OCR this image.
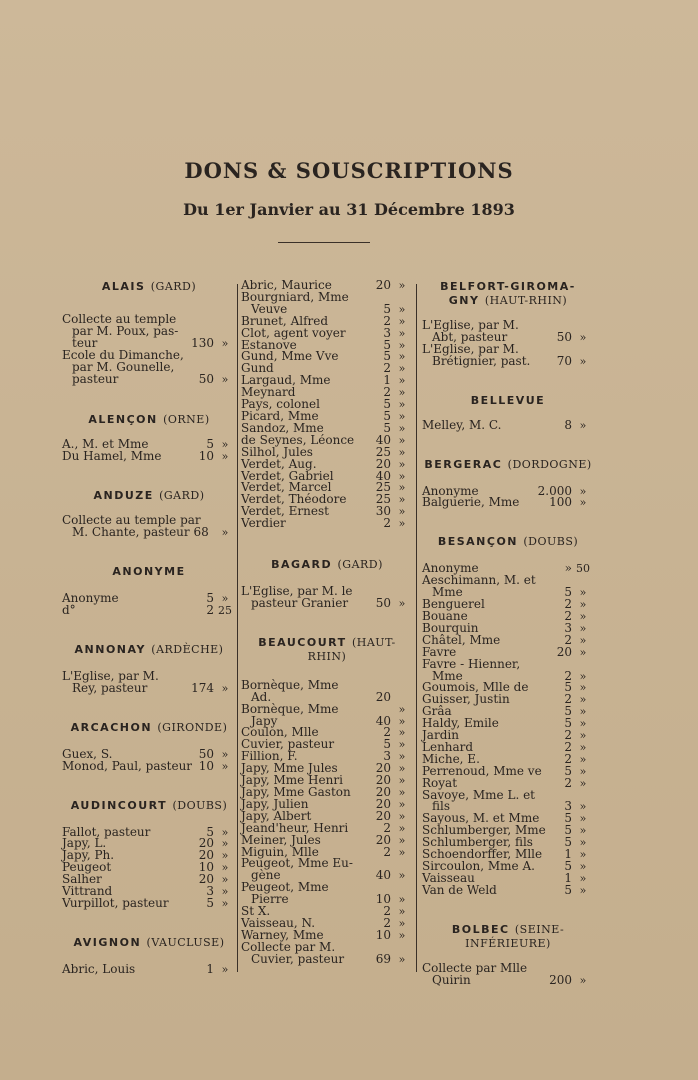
DONS & SOUSCRIPTIONS
Du 1er Janvier au 31 Décembre 1893
ALAIS (GARD)
Collecte au temple
par M. Poux, pas-
teur	130 »
Ecole du Dimanche,
par M. Gounelle,
pasteur	50 »
ALENÇON (ORNE)
A., M. et Mme	5 »
Du Hamel, Mme	10 »
ANDUZE (GARD)
Collecte au temple par
M. Chante, pasteur 68	»
ANONYME
Anonyme	5 »
d°	2 25
ANNONAY (ARDÈCHE)
L'Eglise, par M.
Rey, pasteur	174 »
ARCACHON (GIRONDE)
Guex, S.	50 »
Monod, Paul, pasteur 10 »
AUDINCOURT (DOUBS)
Fallot, pasteur	5 »
Japy, L.	20 »
Japy, Ph.	20 »
Peugeot	10 »
Salher	20 »
Vittrand	3 »
Vurpillot, pasteur	5 »
AVIGNON (VAUCLUSE)
Abric, Louis	1 »
Abric, Maurice	20 »
Bourgniard, Mme
Veuve	5 »
Brunet, Alfred	2 »
Clot, agent voyer	3 »
Estanove	5 »
Gund, Mme Vve	5 »
Gund	2 »
Largaud, Mme	1 »
Meynard	2 »
Pays, colonel	5 »
Picard, Mme	5 »
Sandoz, Mme	5 »
de Seynes, Léonce 40 »
Silhol, Jules	25 »
Verdet, Aug.	20 »
Verdet, Gabriel	40 »
Verdet, Marcel	25 »
Verdet, Théodore 25 »
Verdet, Ernest	30 »
Verdier	2 »
BAGARD (GARD)
L'Eglise, par M. le
pasteur Granier 50 »
BEAUCOURT (HAUT-
RHIN)
Bornèque, Mme
Ad.	20
Bornèque, Mme	»
Japy	40 »
Coulon, Mlle	2 »
Cuvier, pasteur	5 »
Fillion, F.	3 »
Japy, Mme Jules	20 »
Japy, Mme Henri	20 »
Japy, Mme Gaston 20 »
Japy, Julien	20 »
Japy, Albert	20 »
Jeand'heur, Henri	2 »
Meiner, Jules	20 »
Miguin, Mlle	2 »
Peugeot, Mme Eu-
gène	40 »
Peugeot, Mme
Pierre	10 »
St X.	2 »
Vaisseau, N.	2 »
Warney, Mme	10 »
Collecte par M.
Cuvier, pasteur	69 »
BELFORT-GIROMA-
GNY (HAUT-RHIN)
L'Eglise, par M.
Abt, pasteur	50 »
L'Eglise, par M.
Brétignier, past. 70 »
BELLEVUE
Melley, M. C.	8 »
BERGERAC (DORDOGNE)
Anonyme	2.000 »
Balguerie, Mme 100 »
BESANÇON (DOUBS)
Anonyme	» 50
Aeschimann, M. et
Mme	5 »
Benguerel	2 »
Bouane	2 »
Bourquin	3 »
Châtel, Mme	2 »
Favre	20 »
Favre - Hienner,
Mme	2 »
Goumois, Mlle de	5 »
Guisser, Justin	2 »
Grâa	5 »
Haldy, Emile	5 »
Jardin	2 »
Lenhard	2 »
Miche, E.	2 »
Perrenoud, Mme ve 5 »
Royat	2 »
Savoye, Mme L. et
fils	3 »
Sayous, M. et Mme 5 »
Schlumberger, Mme 5 »
Schlumberger, fils	5 »
Schoendorffer, Mlle 1 »
Sircoulon, Mme A. 5 »
Vaisseau	1 »
Van de Weld	5 »
BOLBEC (SEINE-
INFÉRIEURE)
Collecte par Mlle
Quirin	200 »
